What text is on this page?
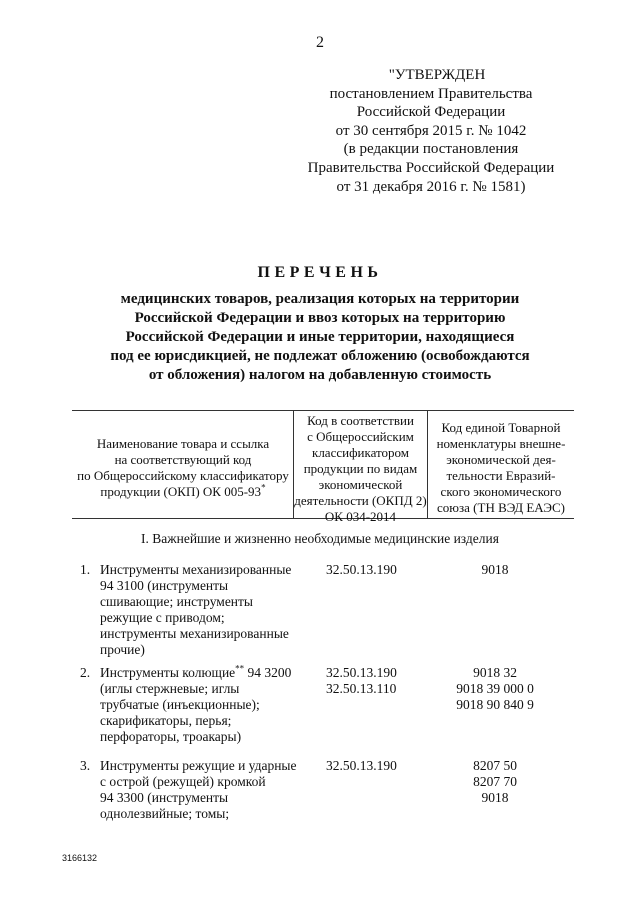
2
"УТВЕРЖДЕН
постановлением Правительства
Российской Федерации
от 30 сентября 2015 г. № 1042
(в редакции постановления
Правительства Российской Федерации
от 31 декабря 2016 г. № 1581)
ПЕРЕЧЕНЬ
медицинских товаров, реализация которых на территории
Российской Федерации и ввоз которых на территорию
Российской Федерации и иные территории, находящиеся
под ее юрисдикцией, не подлежат обложению (освобождаются
от обложения) налогом на добавленную стоимость
Наименование товара и ссылка
на соответствующий код
по Общероссийскому классификатору
продукции (ОКП) ОК 005-93*
Код в соответствии
с Общероссийским
классификатором
продукции по видам
экономической
деятельности (ОКПД 2)
ОК 034-2014
Код единой Товарной
номенклатуры внешне-
экономической дея-
тельности Евразий-
ского экономического
союза (ТН ВЭД ЕАЭС)
I. Важнейшие и жизненно необходимые медицинские изделия
1. Инструменты механизированные
94 3100 (инструменты
сшивающие; инструменты
режущие с приводом;
инструменты механизированные
прочие)
32.50.13.190	9018
2. Инструменты колющие** 94 3200
(иглы стержневые; иглы
трубчатые (инъекционные);
скарификаторы, перья;
перфораторы, троакары)
32.50.13.190
32.50.13.110
9018 32
9018 39 000 0
9018 90 840 9
3. Инструменты режущие и ударные
с острой (режущей) кромкой
94 3300 (инструменты
однолезвийные; томы;
32.50.13.190	8207 50
8207 70
9018
3166132
